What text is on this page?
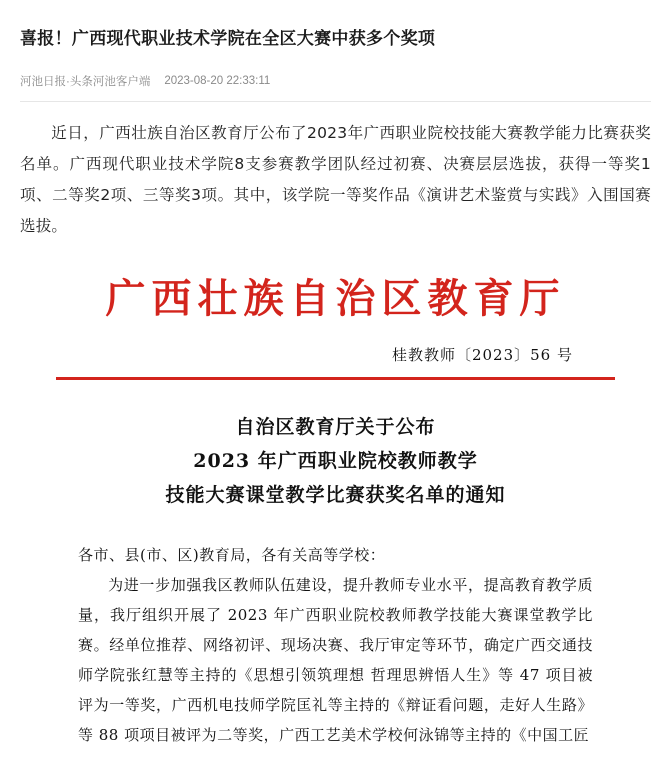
喜报！广西现代职业技术学院在全区大赛中获多个奖项
河池日报·头条河池客户端 2023-08-20 22:33:11

近日，广西壮族自治区教育厅公布了2023年广西职业院校技能大赛教学能力比赛获奖名单。广西现代职业技术学院8支参赛教学团队经过初赛、决赛层层选拔，获得一等奖1项、二等奖2项、三等奖3项。其中，该学院一等奖作品《演讲艺术鉴赏与实践》入围国赛选拔。

广西壮族自治区教育厅
桂教教师〔2023〕56 号
自治区教育厅关于公布
2023 年广西职业院校教师教学
技能大赛课堂教学比赛获奖名单的通知
各市、县(市、区)教育局，各有关高等学校：
为进一步加强我区教师队伍建设，提升教师专业水平，提高教育教学质量，我厅组织开展了 2023 年广西职业院校教师教学技能大赛课堂教学比赛。经单位推荐、网络初评、现场决赛、我厅审定等环节，确定广西交通技师学院张红慧等主持的《思想引领筑理想 哲理思辨悟人生》等 47 项目被评为一等奖，广西机电技师学院匡礼等主持的《辩证看问题，走好人生路》等 88 项项目被评为二等奖，广西工艺美术学校何泳锦等主持的《中国工匠
